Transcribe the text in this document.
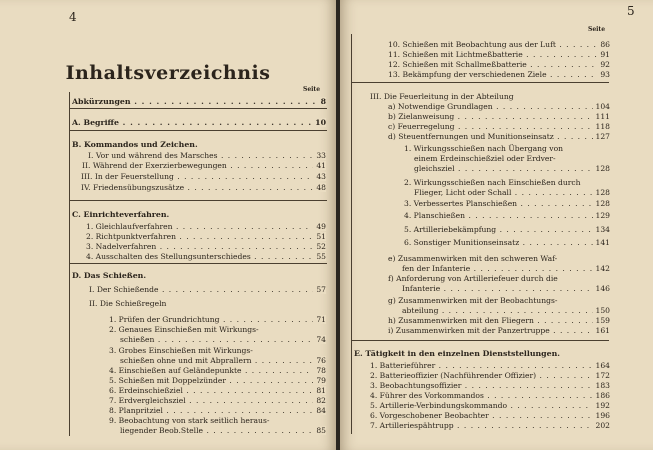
4	5
Inhaltsverzeichnis
Seite
Seite
Abkürzungen . . .	8
A. Begriffe . . .	10
B. Kommandos und Zeichen.
I. Vor und während des Marsches . . .	33
II. Während der Exerzierbewegungen . . .	41
III. In der Feuerstellung . . .	43
IV. Friedensübungszusätze . . .	48
C. Einrichteverfahren.
1. Gleichlaufverfahren . . .	49
2. Richtpunktverfahren . . .	51
3. Nadelverfahren . . .	52
4. Ausschalten des Stellungsunterschiedes . . .	55
D. Das Schießen.
I. Der Schießende . . .	57
II. Die Schießregeln
1. Prüfen der Grundrichtung . . .	71
2. Genaues Einschießen mit Wirkungs-
schießen . . .	74
3. Grobes Einschießen mit Wirkungs-
schießen ohne und mit Abprallern . . .	76
4. Einschießen auf Geländepunkte . . .	78
5. Schießen mit Doppelzünder . . .	79
6. Erdeinschießziel . . .	81
7. Erdvergleichsziel . . .	82
8. Planpritziel . . .	84
9. Beobachtung von stark seitlich heraus-
liegender Beob.Stelle . . .	85
10. Schießen mit Beobachtung aus der Luft . . .	86
11. Schießen mit Lichtmeßbatterie . . .	91
12. Schießen mit Schallmeßbatterie . . .	92
13. Bekämpfung der verschiedenen Ziele . . .	93
III. Die Feuerleitung in der Abteilung
a) Notwendige Grundlagen . . .	104
b) Zielanweisung . . .	111
c) Feuerregelung . . .	118
d) Steuentfernungen und Munitionseinsatz . . .	127
1. Wirkungsschießen nach Übergang von
einem Erdeinschießziel oder Erdver-
gleichsziel . . .	128
2. Wirkungsschießen nach Einschießen durch
Flieger, Licht oder Schall . . .	128
3. Verbessertes Planschießen . . .	128
4. Planschießen . . .	129
5. Artilleriebekämpfung . . .	134
6. Sonstiger Munitionseinsatz . . .	141
e) Zusammenwirken mit den schweren Waf-
fen der Infanterie . . .	142
f) Anforderung von Artilleriefeuer durch die
Infanterie . . .	146
g) Zusammenwirken mit der Beobachtungs-
abteilung . . .	150
h) Zusammenwirken mit den Fliegern . . .	159
i) Zusammenwirken mit der Panzertruppe . . .	161
E. Tätigkeit in den einzelnen Dienststellungen.
1. Batterieführer . . .	164
2. Batterieoffizier (Nachführender Offizier) . . .	172
3. Beobachtungsoffizier . . .	183
4. Führer des Vorkommandos . . .	186
5. Artillerie-Verbindungskommando . . .	192
6. Vorgeschobener Beobachter . . .	196
7. Artilleriespähtrupp . . .	202
